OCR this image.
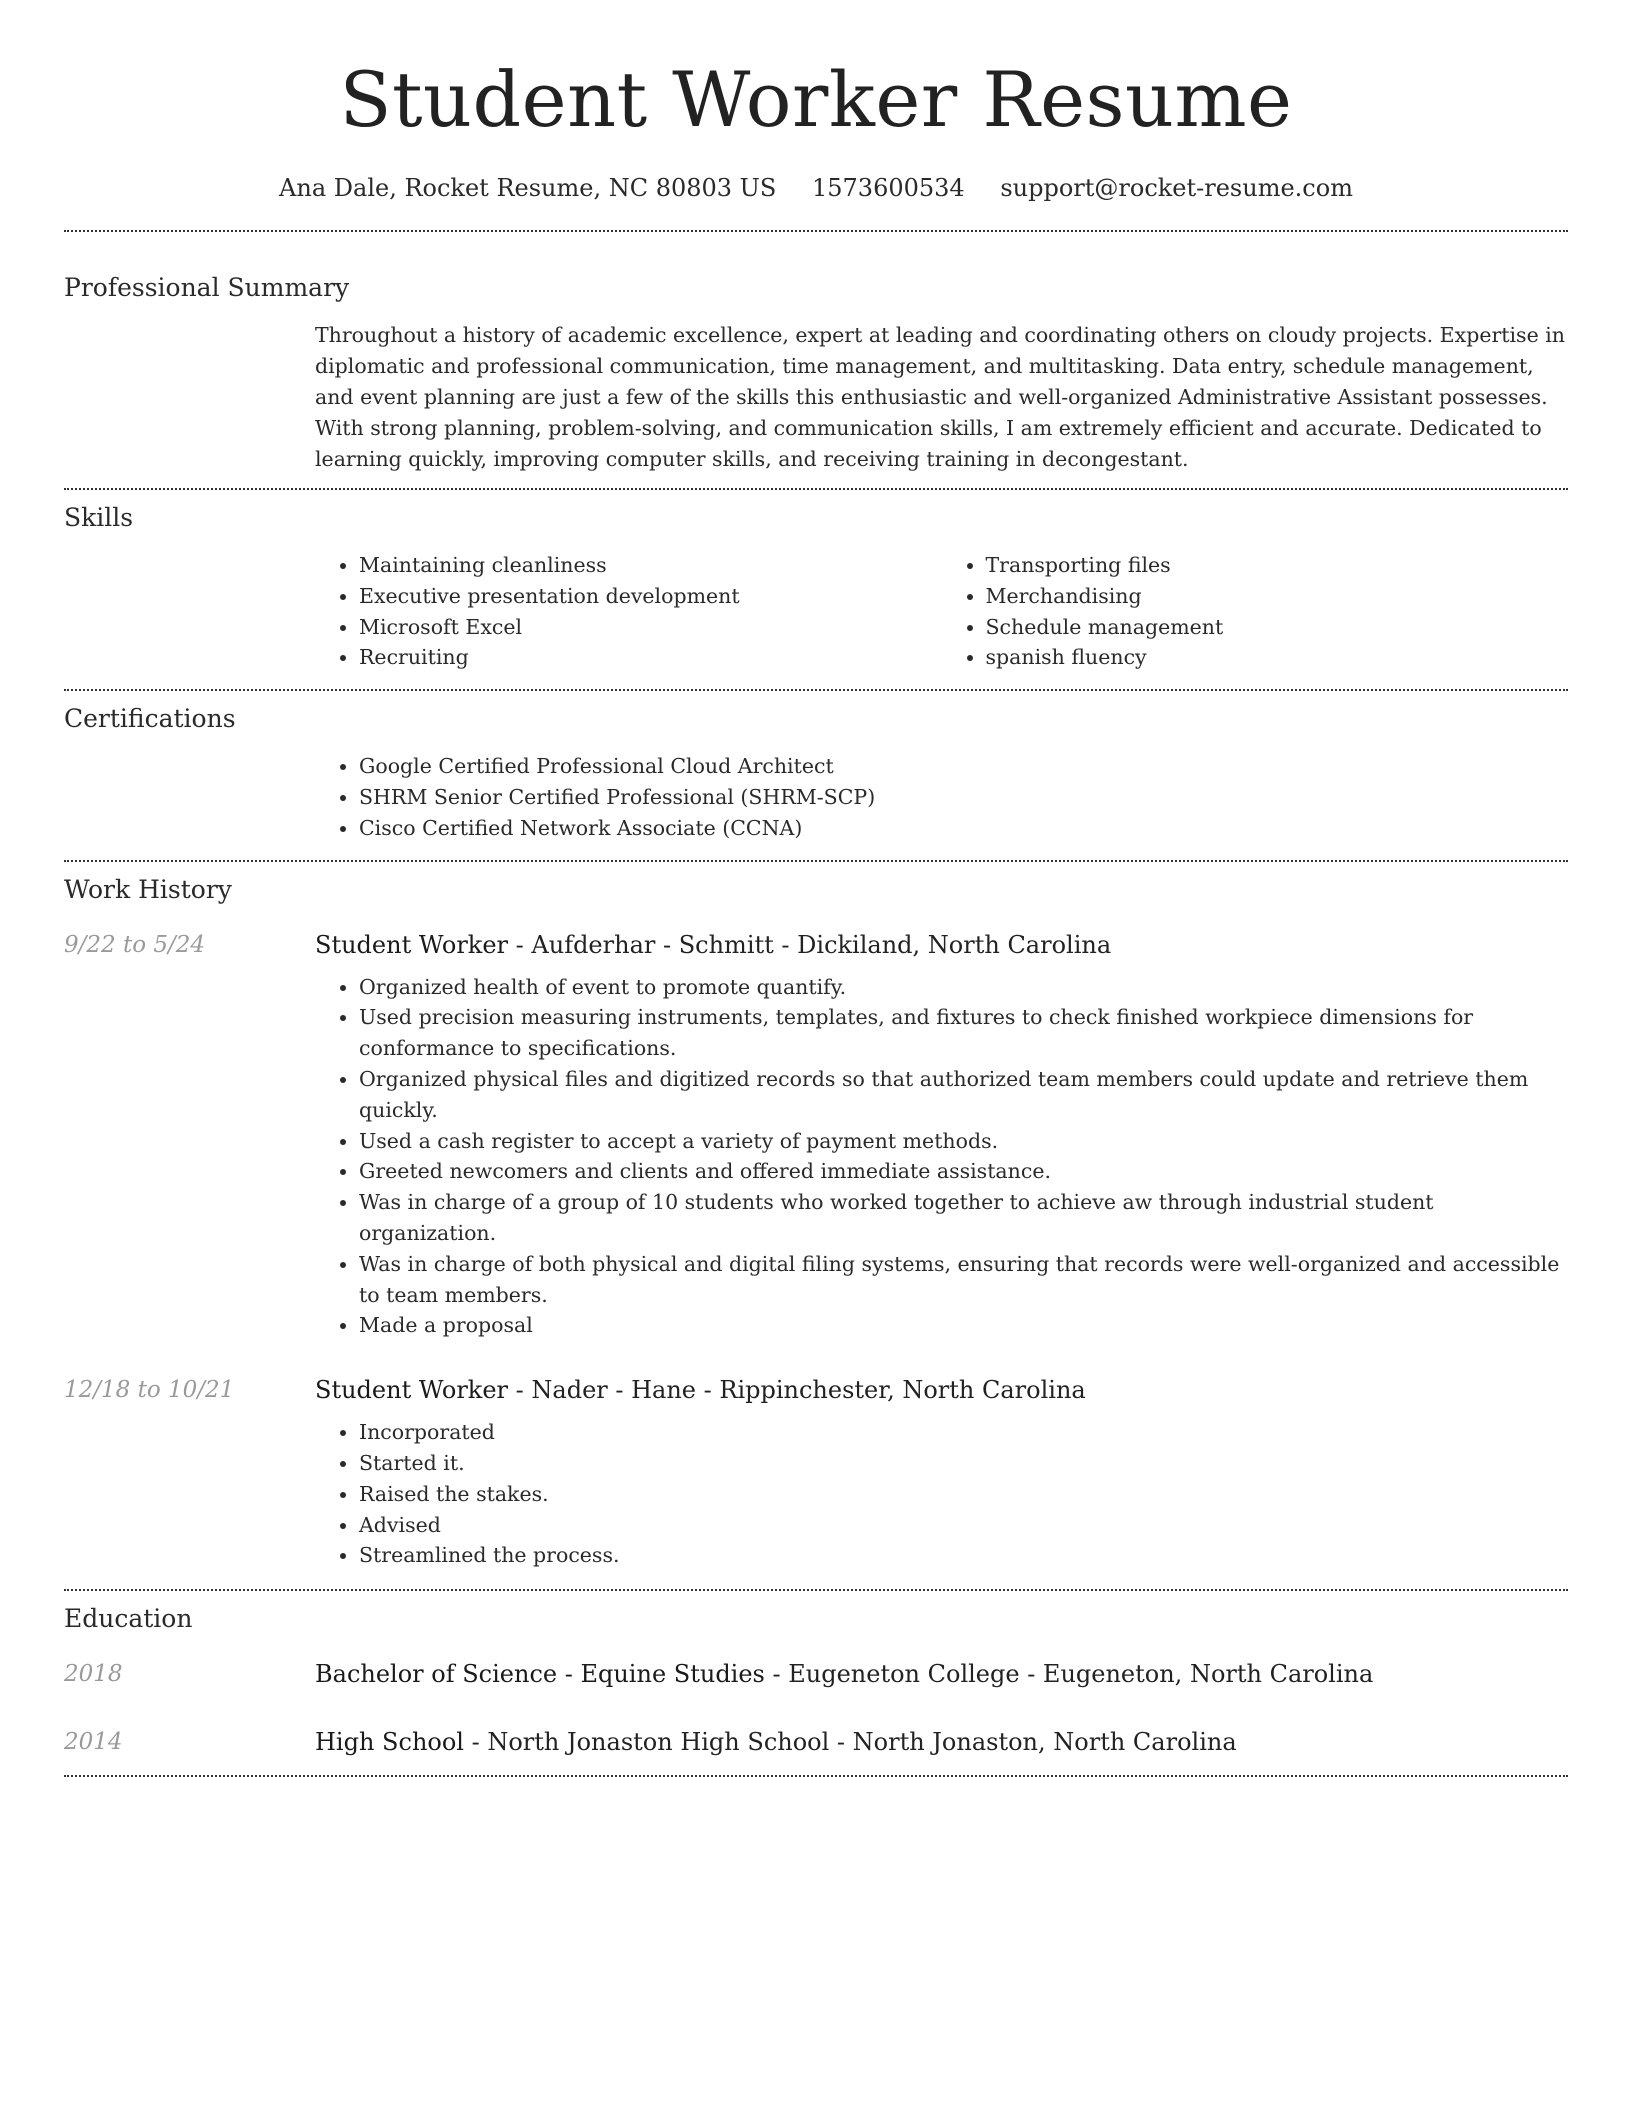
Student Worker Resume
Ana Dale, Rocket Resume, NC 80803 US 1573600534 support@rocket-resume.com
Professional Summary

Throughout a history of academic excellence, expert at leading and coordinating others on cloudy projects. Expertise in diplomatic and professional communication, time management, and multitasking. Data entry, schedule management, and event planning are just a few of the skills this enthusiastic and well-organized Administrative Assistant possesses. With strong planning, problem-solving, and communication skills, I am extremely efficient and accurate. Dedicated to learning quickly, improving computer skills, and receiving training in decongestant.

Skills
• Maintaining cleanliness
• Executive presentation development
• Microsoft Excel
• Recruiting
• Transporting files
• Merchandising
• Schedule management
• spanish fluency
Certifications
• Google Certified Professional Cloud Architect
• SHRM Senior Certified Professional (SHRM-SCP)
• Cisco Certified Network Associate (CCNA)
Work History
9/22 to 5/24	Student Worker - Aufderhar - Schmitt - Dickiland, North Carolina
• Organized health of event to promote quantify.
• Used precision measuring instruments, templates, and fixtures to check finished workpiece dimensions for conformance to specifications.
• Organized physical files and digitized records so that authorized team members could update and retrieve them quickly.
• Used a cash register to accept a variety of payment methods.
• Greeted newcomers and clients and offered immediate assistance.
• Was in charge of a group of 10 students who worked together to achieve aw through industrial student organization.
• Was in charge of both physical and digital filing systems, ensuring that records were well-organized and accessible to team members.
• Made a proposal
12/18 to 10/21	Student Worker - Nader - Hane - Rippinchester, North Carolina
• Incorporated
• Started it.
• Raised the stakes.
• Advised
• Streamlined the process.
Education
2018	Bachelor of Science - Equine Studies - Eugeneton College - Eugeneton, North Carolina
2014	High School - North Jonaston High School - North Jonaston, North Carolina
